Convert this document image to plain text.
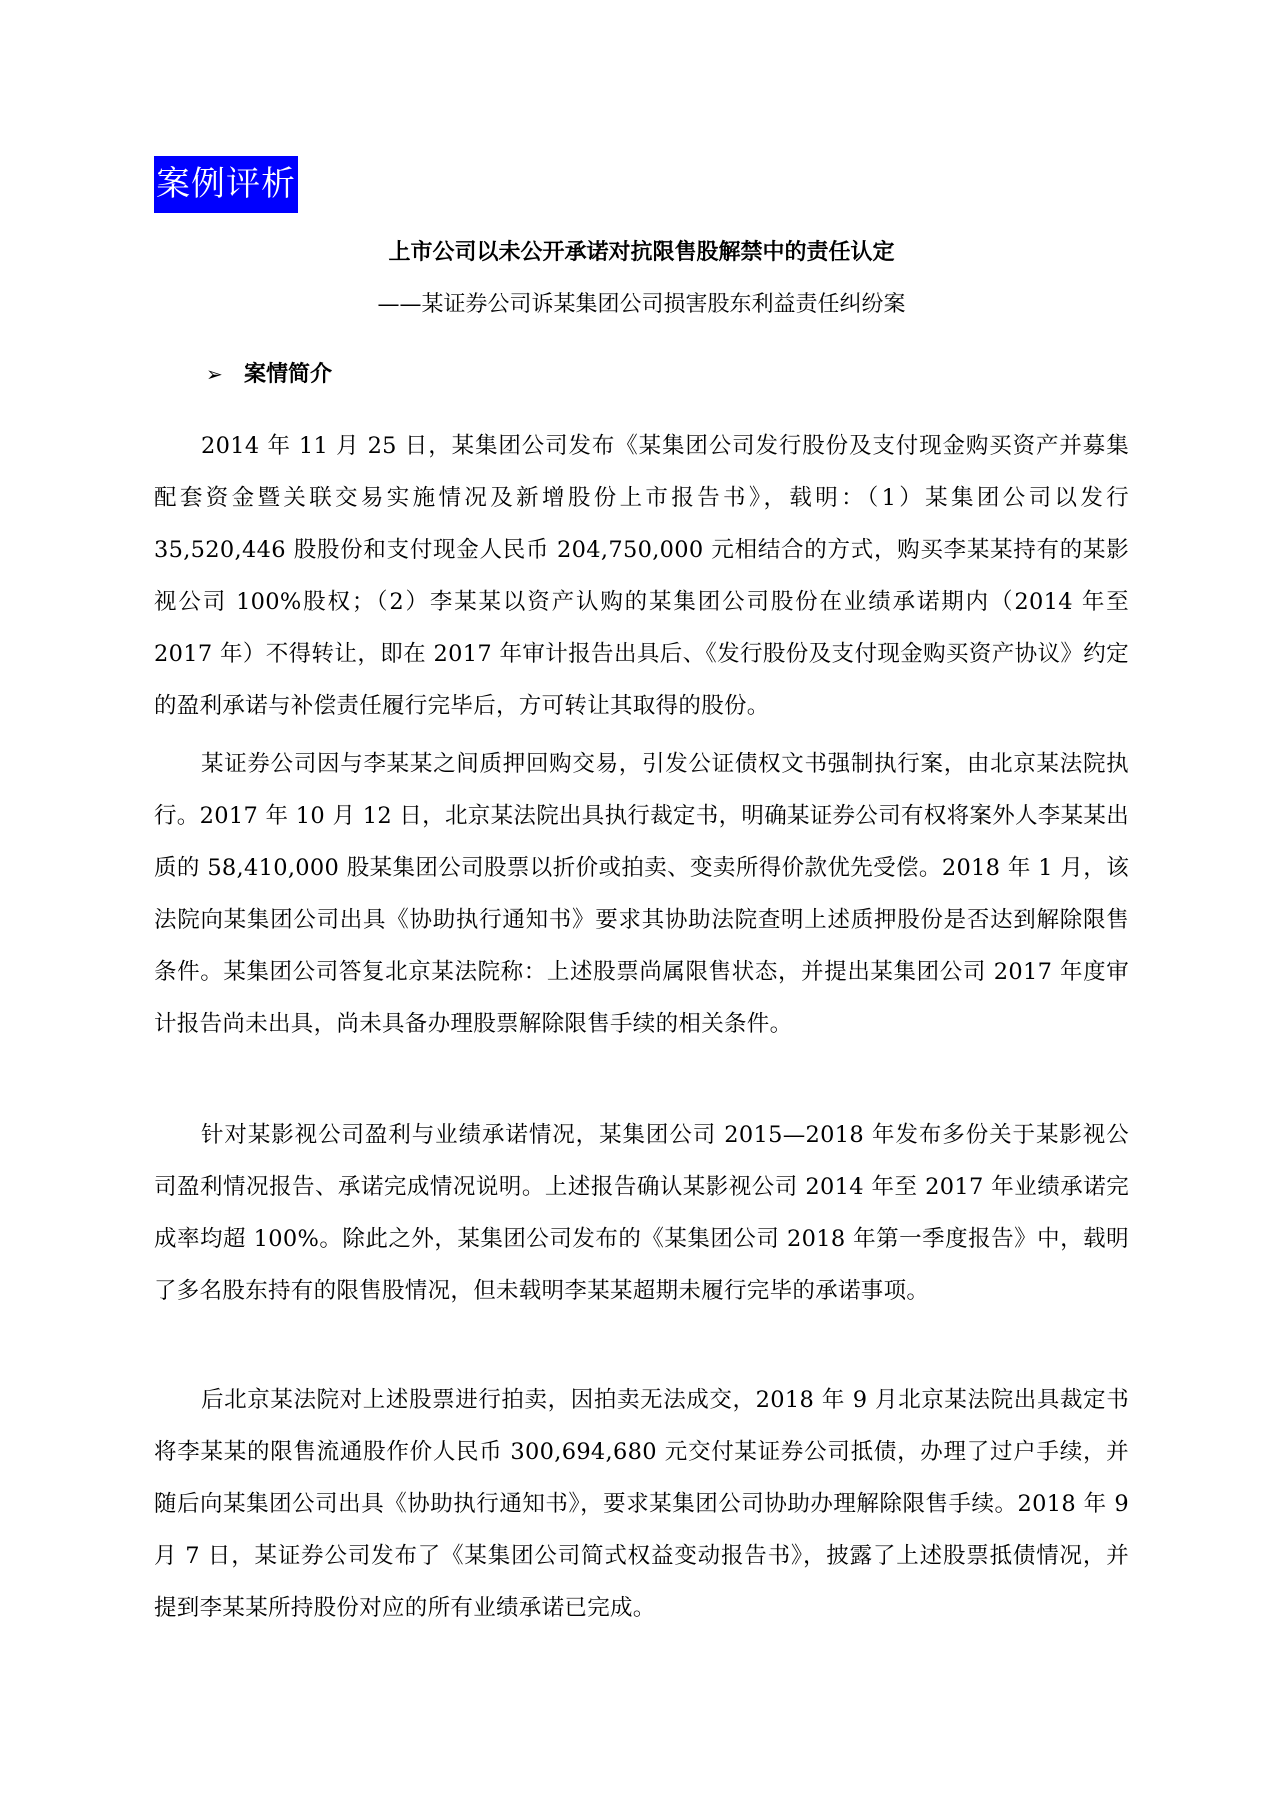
案例评析
上市公司以未公开承诺对抗限售股解禁中的责任认定
——某证券公司诉某集团公司损害股东利益责任纠纷案
➢ 案情简介

2014 年 11 月 25 日，某集团公司发布《某集团公司发行股份及支付现金购买资产并募集配套资金暨关联交易实施情况及新增股份上市报告书》，载明：（1）某集团公司以发行 35,520,446 股股份和支付现金人民币 204,750,000 元相结合的方式，购买李某某持有的某影视公司 100%股权；（2）李某某以资产认购的某集团公司股份在业绩承诺期内（2014 年至 2017 年）不得转让，即在 2017 年审计报告出具后、《发行股份及支付现金购买资产协议》约定的盈利承诺与补偿责任履行完毕后，方可转让其取得的股份。

某证券公司因与李某某之间质押回购交易，引发公证债权文书强制执行案，由北京某法院执行。2017 年 10 月 12 日，北京某法院出具执行裁定书，明确某证券公司有权将案外人李某某出质的 58,410,000 股某集团公司股票以折价或拍卖、变卖所得价款优先受偿。2018 年 1 月，该法院向某集团公司出具《协助执行通知书》要求其协助法院查明上述质押股份是否达到解除限售条件。某集团公司答复北京某法院称：上述股票尚属限售状态，并提出某集团公司 2017 年度审计报告尚未出具，尚未具备办理股票解除限售手续的相关条件。

针对某影视公司盈利与业绩承诺情况，某集团公司 2015—2018 年发布多份关于某影视公司盈利情况报告、承诺完成情况说明。上述报告确认某影视公司 2014 年至 2017 年业绩承诺完成率均超 100%。除此之外，某集团公司发布的《某集团公司 2018 年第一季度报告》中，载明了多名股东持有的限售股情况，但未载明李某某超期未履行完毕的承诺事项。

后北京某法院对上述股票进行拍卖，因拍卖无法成交，2018 年 9 月北京某法院出具裁定书将李某某的限售流通股作价人民币 300,694,680 元交付某证券公司抵债，办理了过户手续，并随后向某集团公司出具《协助执行通知书》，要求某集团公司协助办理解除限售手续。2018 年 9 月 7 日，某证券公司发布了《某集团公司简式权益变动报告书》，披露了上述股票抵债情况，并提到李某某所持股份对应的所有业绩承诺已完成。
